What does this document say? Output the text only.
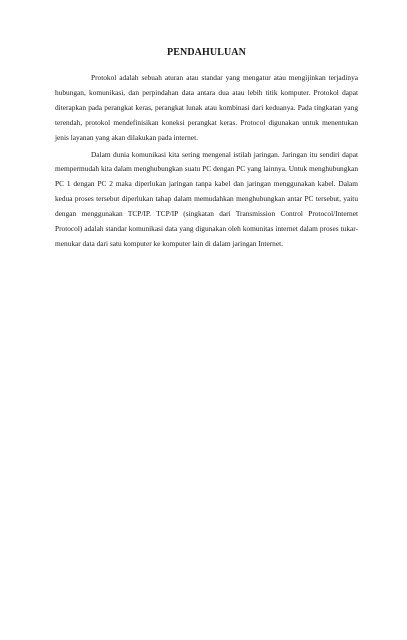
PENDAHULUAN

Protokol adalah sebuah aturan atau standar yang mengatur atau mengijinkan terjadinya hubungan, komunikasi, dan perpindahan data antara dua atau lebih titik komputer. Protokol dapat diterapkan pada perangkat keras, perangkat lunak atau kombinasi dari keduanya. Pada tingkatan yang terendah, protokol mendefinisikan koneksi perangkat keras. Protocol digunakan untuk menentukan jenis layanan yang akan dilakukan pada internet.

Dalam dunia komunikasi kita sering mengenal istilah jaringan. Jaringan itu sendiri dapat mempermudah kita dalam menghubungkan suatu PC dengan PC yang lainnya. Untuk menghubungkan PC 1 dengan PC 2 maka diperlukan jaringan tanpa kabel dan jaringan menggunakan kabel. Dalam kedua proses tersebut diperlukan tahap dalam memudahkan menghubungkan antar PC tersebut, yaitu dengan menggunakan TCP/IP. TCP/IP (singkatan dari Transmission Control Protocol/Internet Protocol) adalah standar komunikasi data yang digunakan oleh komunitas internet dalam proses tukar-menukar data dari satu komputer ke komputer lain di dalam jaringan Internet.
